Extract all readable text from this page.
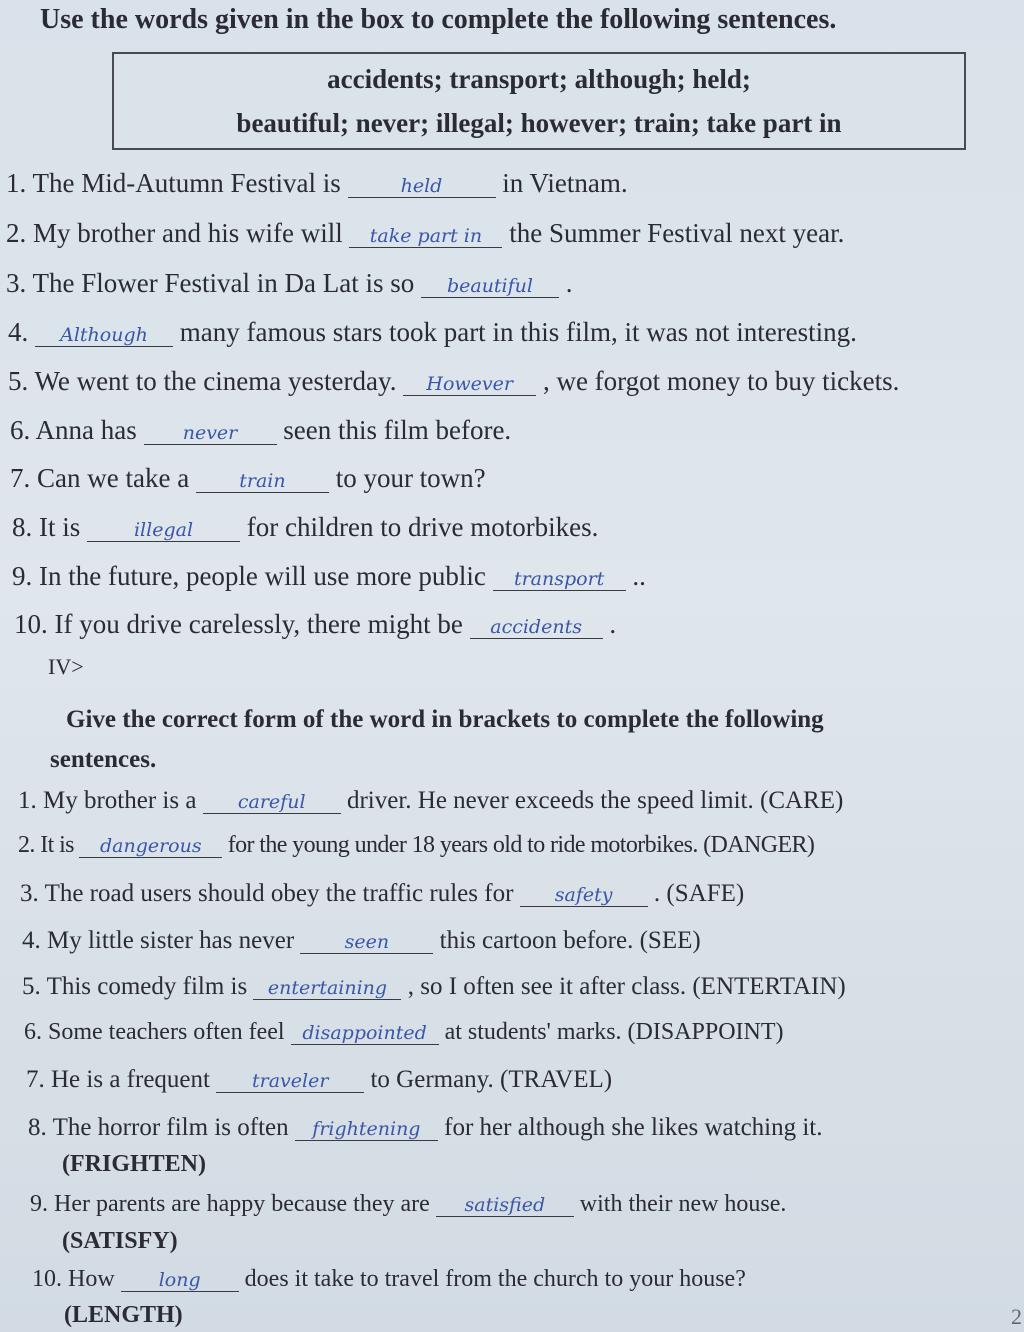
Use the words given in the box to complete the following sentences.
accidents; transport; although; held;
beautiful; never; illegal; however; train; take part in
1. The Mid-Autumn Festival is	held in Vietnam.
2. My brother and his wife will take part in the Summer Festival next year.
3. The Flower Festival in Da Lat is so beautiful .
4. Although many famous stars took part in this film, it was not interesting.
5. We went to the cinema yesterday. However , we forgot money to buy tickets.
6. Anna has never seen this film before.
7. Can we take a train to your town?
8. It is illegal for children to drive motorbikes.
9. In the future, people will use more public transport ..
10. If you drive carelessly, there might be accidents .
IV>
Give the correct form of the word in brackets to complete the following
sentences.
1. My brother is a careful driver. He never exceeds the speed limit. (CARE)
2. It is dangerous for the young under 18 years old to ride motorbikes. (DANGER)
3. The road users should obey the traffic rules for safety . (SAFE)
4. My little sister has never seen this cartoon before. (SEE)
5. This comedy film is entertaining , so I often see it after class. (ENTERTAIN)
6. Some teachers often feel disappointed at students' marks. (DISAPPOINT)
7. He is a frequent traveler to Germany. (TRAVEL)
8. The horror film is often frightening for her although she likes watching it.
(FRIGHTEN)
9. Her parents are happy because they are satisfied with their new house.
(SATISFY)
10. How long does it take to travel from the church to your house?
(LENGTH)	2
